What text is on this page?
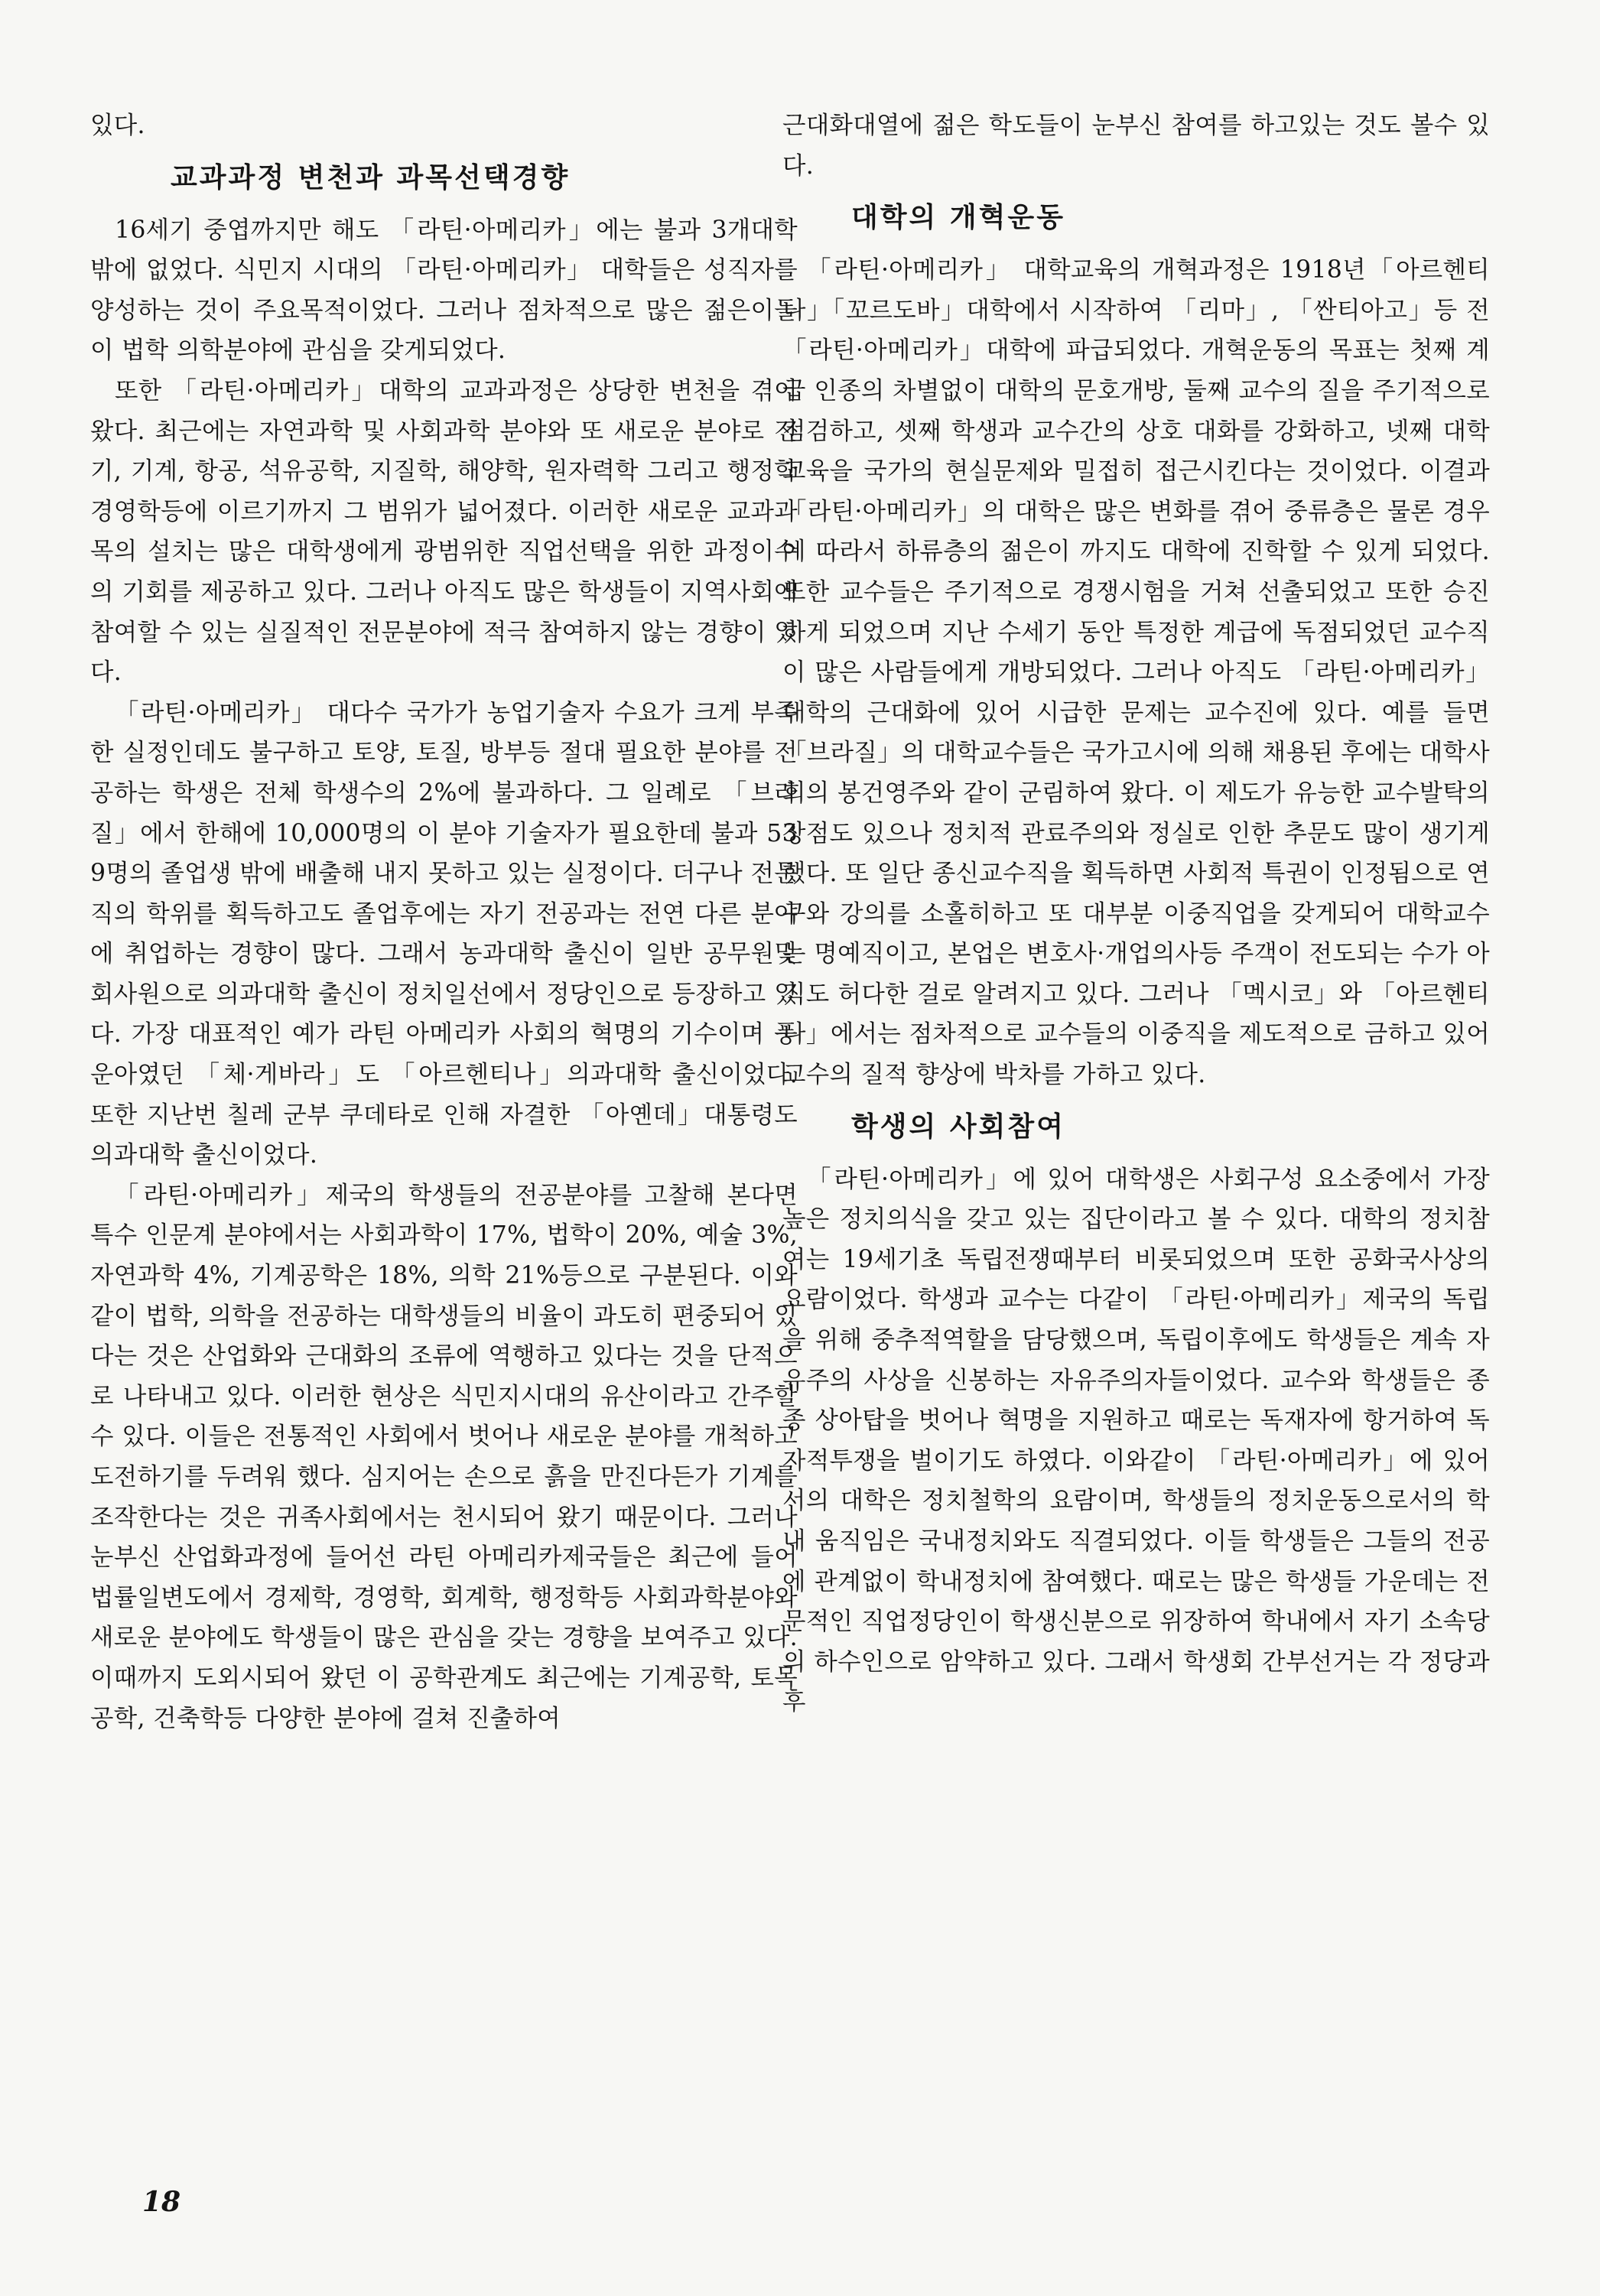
있다.

교과과정 변천과 과목선택경향

16세기 중엽까지만 해도 「라틴·아메리카」에는 불과 3개대학 밖에 없었다. 식민지 시대의 「라틴·아메리카」 대학들은 성직자를 양성하는 것이 주요목적이었다. 그러나 점차적으로 많은 젊은이들이 법학 의학분야에 관심을 갖게되었다.

또한 「라틴·아메리카」대학의 교과과정은 상당한 변천을 겪어왔다. 최근에는 자연과학 및 사회과학 분야와 또 새로운 분야로 전기, 기계, 항공, 석유공학, 지질학, 해양학, 원자력학 그리고 행정학 경영학등에 이르기까지 그 범위가 넓어졌다. 이러한 새로운 교과과목의 설치는 많은 대학생에게 광범위한 직업선택을 위한 과정이수의 기회를 제공하고 있다. 그러나 아직도 많은 학생들이 지역사회에 참여할 수 있는 실질적인 전문분야에 적극 참여하지 않는 경향이 있다.

「라틴·아메리카」 대다수 국가가 농업기술자 수요가 크게 부족한 실정인데도 불구하고 토양, 토질, 방부등 절대 필요한 분야를 전공하는 학생은 전체 학생수의 2%에 불과하다. 그 일례로 「브라질」에서 한해에 10,000명의 이 분야 기술자가 필요한데 불과 539명의 졸업생 밖에 배출해 내지 못하고 있는 실정이다. 더구나 전문직의 학위를 획득하고도 졸업후에는 자기 전공과는 전연 다른 분야에 취업하는 경향이 많다. 그래서 농과대학 출신이 일반 공무원및 회사원으로 의과대학 출신이 정치일선에서 정당인으로 등장하고 있다. 가장 대표적인 예가 라틴 아메리카 사회의 혁명의 기수이며 풍운아였던 「체·게바라」도 「아르헨티나」의과대학 출신이었다. 또한 지난번 칠레 군부 쿠데타로 인해 자결한 「아옌데」대통령도 의과대학 출신이었다.

「라틴·아메리카」제국의 학생들의 전공분야를 고찰해 본다면 특수 인문계 분야에서는 사회과학이 17%, 법학이 20%, 예술 3%, 자연과학 4%, 기계공학은 18%, 의학 21%등으로 구분된다. 이와같이 법학, 의학을 전공하는 대학생들의 비율이 과도히 편중되어 있다는 것은 산업화와 근대화의 조류에 역행하고 있다는 것을 단적으로 나타내고 있다. 이러한 현상은 식민지시대의 유산이라고 간주할 수 있다. 이들은 전통적인 사회에서 벗어나 새로운 분야를 개척하고 도전하기를 두려워 했다. 심지어는 손으로 흙을 만진다든가 기계를 조작한다는 것은 귀족사회에서는 천시되어 왔기 때문이다. 그러나 눈부신 산업화과정에 들어선 라틴 아메리카제국들은 최근에 들어 법률일변도에서 경제학, 경영학, 회계학, 행정학등 사회과학분야와 새로운 분야에도 학생들이 많은 관심을 갖는 경향을 보여주고 있다. 이때까지 도외시되어 왔던 이 공학관계도 최근에는 기계공학, 토목공학, 건축학등 다양한 분야에 걸쳐 진출하여

근대화대열에 젊은 학도들이 눈부신 참여를 하고있는 것도 볼수 있다.

대학의 개혁운동

「라틴·아메리카」 대학교육의 개혁과정은 1918년「아르헨티나」「꼬르도바」대학에서 시작하여 「리마」, 「싼티아고」등 전「라틴·아메리카」대학에 파급되었다. 개혁운동의 목표는 첫째 계급 인종의 차별없이 대학의 문호개방, 둘째 교수의 질을 주기적으로 점검하고, 셋째 학생과 교수간의 상호 대화를 강화하고, 넷째 대학교육을 국가의 현실문제와 밀접히 접근시킨다는 것이었다. 이결과 「라틴·아메리카」의 대학은 많은 변화를 겪어 중류층은 물론 경우에 따라서 하류층의 젊은이 까지도 대학에 진학할 수 있게 되었다. 또한 교수들은 주기적으로 경쟁시험을 거쳐 선출되었고 또한 승진하게 되었으며 지난 수세기 동안 특정한 계급에 독점되었던 교수직이 많은 사람들에게 개방되었다. 그러나 아직도 「라틴·아메리카」대학의 근대화에 있어 시급한 문제는 교수진에 있다. 예를 들면 「브라질」의 대학교수들은 국가고시에 의해 채용된 후에는 대학사회의 봉건영주와 같이 군림하여 왔다. 이 제도가 유능한 교수발탁의 장점도 있으나 정치적 관료주의와 정실로 인한 추문도 많이 생기게 했다. 또 일단 종신교수직을 획득하면 사회적 특권이 인정됨으로 연구와 강의를 소홀히하고 또 대부분 이중직업을 갖게되어 대학교수는 명예직이고, 본업은 변호사·개업의사등 주객이 전도되는 수가 아직도 허다한 걸로 알려지고 있다. 그러나 「멕시코」와 「아르헨티나」에서는 점차적으로 교수들의 이중직을 제도적으로 금하고 있어 교수의 질적 향상에 박차를 가하고 있다.

학생의 사회참여

「라틴·아메리카」에 있어 대학생은 사회구성 요소중에서 가장높은 정치의식을 갖고 있는 집단이라고 볼 수 있다. 대학의 정치참여는 19세기초 독립전쟁때부터 비롯되었으며 또한 공화국사상의 요람이었다. 학생과 교수는 다같이 「라틴·아메리카」제국의 독립을 위해 중추적역할을 담당했으며, 독립이후에도 학생들은 계속 자유주의 사상을 신봉하는 자유주의자들이었다. 교수와 학생들은 종종 상아탑을 벗어나 혁명을 지원하고 때로는 독재자에 항거하여 독자적투쟁을 벌이기도 하였다. 이와같이 「라틴·아메리카」에 있어서의 대학은 정치철학의 요람이며, 학생들의 정치운동으로서의 학내 움직임은 국내정치와도 직결되었다. 이들 학생들은 그들의 전공에 관계없이 학내정치에 참여했다. 때로는 많은 학생들 가운데는 전문적인 직업정당인이 학생신분으로 위장하여 학내에서 자기 소속당의 하수인으로 암약하고 있다. 그래서 학생회 간부선거는 각 정당과 후

18
